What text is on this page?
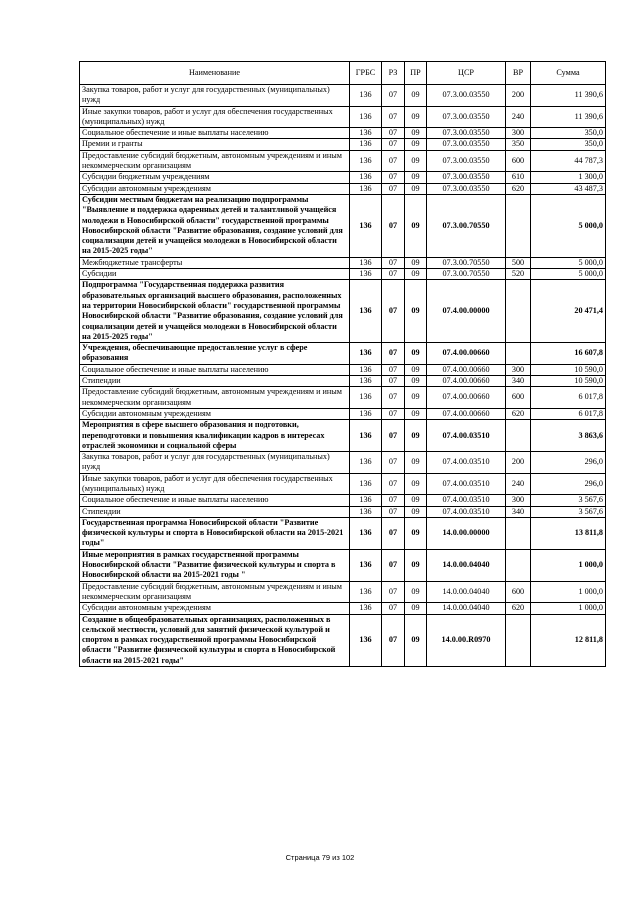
Наименование	ГРБС	РЗ	ПР	ЦСР	ВР	Сумма
Закупка товаров, работ и услуг для государственных (муниципальных) нужд	136	07	09	07.3.00.03550	200	11 390,6
Иные закупки товаров, работ и услуг для обеспечения государственных (муниципальных) нужд	136	07	09	07.3.00.03550	240	11 390,6
Социальное обеспечение и иные выплаты населению	136	07	09	07.3.00.03550	300	350,0
Премии и гранты	136	07	09	07.3.00.03550	350	350,0
Предоставление субсидий бюджетным, автономным учреждениям и иным некоммерческим организациям	136	07	09	07.3.00.03550	600	44 787,3
Субсидии бюджетным учреждениям	136	07	09	07.3.00.03550	610	1 300,0
Субсидии автономным учреждениям	136	07	09	07.3.00.03550	620	43 487,3
Субсидии местным бюджетам на реализацию подпрограммы "Выявление и поддержка одаренных детей и талантливой учащейся молодежи в Новосибирской области" государственной программы Новосибирской области "Развитие образования, создание условий для социализации детей и учащейся молодежи в Новосибирской области на 2015-2025 годы"	136	07	09	07.3.00.70550		5 000,0
Межбюджетные трансферты	136	07	09	07.3.00.70550	500	5 000,0
Субсидии	136	07	09	07.3.00.70550	520	5 000,0
Подпрограмма "Государственная поддержка развития образовательных организаций высшего образования, расположенных на территории Новосибирской области" государственной программы Новосибирской области "Развитие образования, создание условий для социализации детей и учащейся молодежи в Новосибирской области на 2015-2025 годы"	136	07	09	07.4.00.00000		20 471,4
Учреждения, обеспечивающие предоставление услуг в сфере образования	136	07	09	07.4.00.00660		16 607,8
Социальное обеспечение и иные выплаты населению	136	07	09	07.4.00.00660	300	10 590,0
Стипендии	136	07	09	07.4.00.00660	340	10 590,0
Предоставление субсидий бюджетным, автономным учреждениям и иным некоммерческим организациям	136	07	09	07.4.00.00660	600	6 017,8
Субсидии автономным учреждениям	136	07	09	07.4.00.00660	620	6 017,8
Мероприятия в сфере высшего образования и подготовки, переподготовки и повышения квалификации кадров в интересах отраслей экономики и социальной сферы	136	07	09	07.4.00.03510		3 863,6
Закупка товаров, работ и услуг для государственных (муниципальных) нужд	136	07	09	07.4.00.03510	200	296,0
Иные закупки товаров, работ и услуг для обеспечения государственных (муниципальных) нужд	136	07	09	07.4.00.03510	240	296,0
Социальное обеспечение и иные выплаты населению	136	07	09	07.4.00.03510	300	3 567,6
Стипендии	136	07	09	07.4.00.03510	340	3 567,6
Государственная программа Новосибирской области "Развитие физической культуры и спорта в Новосибирской области на 2015-2021 годы"	136	07	09	14.0.00.00000		13 811,8
Иные мероприятия в рамках государственной программы Новосибирской области "Развитие физической культуры и спорта в Новосибирской области на 2015-2021 годы "	136	07	09	14.0.00.04040		1 000,0
Предоставление субсидий бюджетным, автономным учреждениям и иным некоммерческим организациям	136	07	09	14.0.00.04040	600	1 000,0
Субсидии автономным учреждениям	136	07	09	14.0.00.04040	620	1 000,0
Создание в общеобразовательных организациях, расположенных в сельской местности, условий для занятий физической культурой и спортом в рамках государственной программы Новосибирской области "Развитие физической культуры и спорта в Новосибирской области на 2015-2021 годы"	136	07	09	14.0.00.R0970		12 811,8
Страница 79 из 102
